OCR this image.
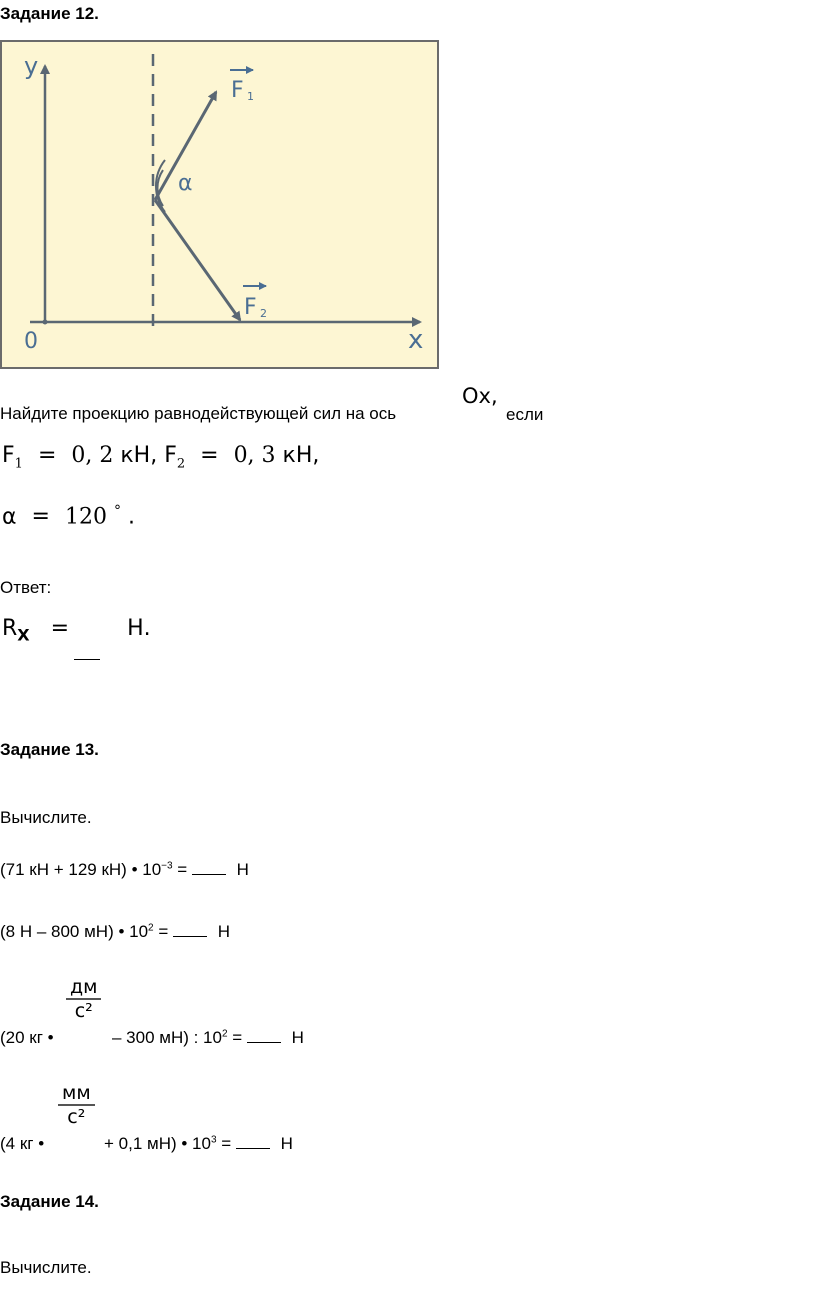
Задание 12.
y
x
0
α
F 1
F 2
Найдите проекцию равнодействующей сил на ось
Ox,
если
$F_1 = 0$, 2 кН, $F_2 = 0$, 3 кН,
α = 120 ° .
Ответ:
$R_X$ =	Н.
Задание 13.
Вычислите.
(71 кН + 129 кН) • $10^{-3}$ =	Н
(8 Н – 800 мН) • $10^2$ =	Н
(20 кг •
дм
с²
– 300 мН) : $10^2$ =	Н
(4 кг •
мм
с²
+ 0,1 мН) • $10^3$ =	Н
Задание 14.
Вычислите.
